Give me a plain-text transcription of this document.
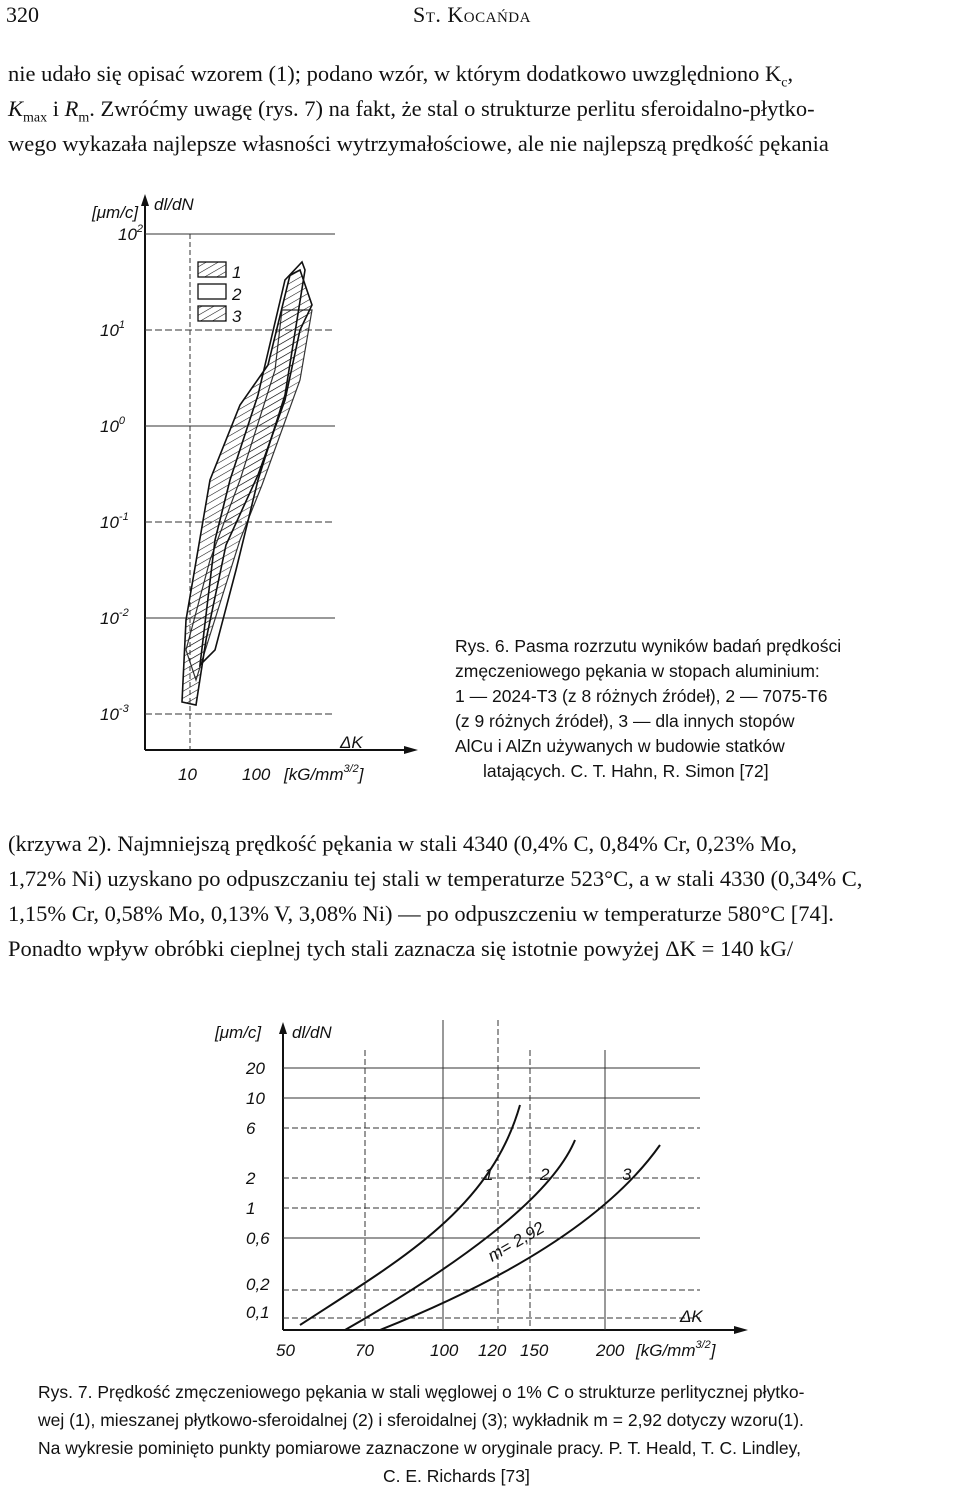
320	St. Kocańda
nie udało się opisać wzorem (1); podano wzór, w którym dodatkowo uwzględniono $K_c$,
$K_{max}$ i $R_m$. Zwróćmy uwagę (rys. 7) na fakt, że stal o strukturze perlitu sferoidalno-płytko-
wego wykazała najlepsze własności wytrzymałościowe, ale nie najlepszą prędkość pękania
$10^2$
$10^1$
$10^0$
$10^{-1}$
$10^{-2}$
$10^{-3}$
[μm/c] dl/dN
10	100
ΔK
$[kG/mm^{3/2}]$
1
2
3
Rys. 6. Pasma rozrzutu wyników badań prędkości
zmęczeniowego pękania w stopach aluminium:
1 — 2024-T3 (z 8 różnych źródeł), 2 — 7075-T6
(z 9 różnych źródeł), 3 — dla innych stopów
AlCu i AlZn używanych w budowie statków
latających. C. T. Hahn, R. Simon [72]
(krzywa 2). Najmniejszą prędkość pękania w stali 4340 (0,4% C, 0,84% Cr, 0,23% Mo,
1,72% Ni) uzyskano po odpuszczaniu tej stali w temperaturze 523°C, a w stali 4330 (0,34% C,
1,15% Cr, 0,58% Mo, 0,13% V, 3,08% Ni) — po odpuszczeniu w temperaturze 580°C [74].
Ponadto wpływ obróbki cieplnej tych stali zaznacza się istotnie powyżej ΔK = 140 kG/
20
10
6
2
1
0,6
0,2
0,1
[μm/c] dl/dN
50	70	100 120 150	200
ΔK
$[kG/mm^{3/2}]$
1	2	3
m= 2,92
Rys. 7. Prędkość zmęczeniowego pękania w stali węglowej o 1% C o strukturze perlitycznej płytko-
wej (1), mieszanej płytkowo-sferoidalnej (2) i sferoidalnej (3); wykładnik m = 2,92 dotyczy wzoru(1).
Na wykresie pominięto punkty pomiarowe zaznaczone w oryginale pracy. P. T. Heald, T. C. Lindley,
C. E. Richards [73]
